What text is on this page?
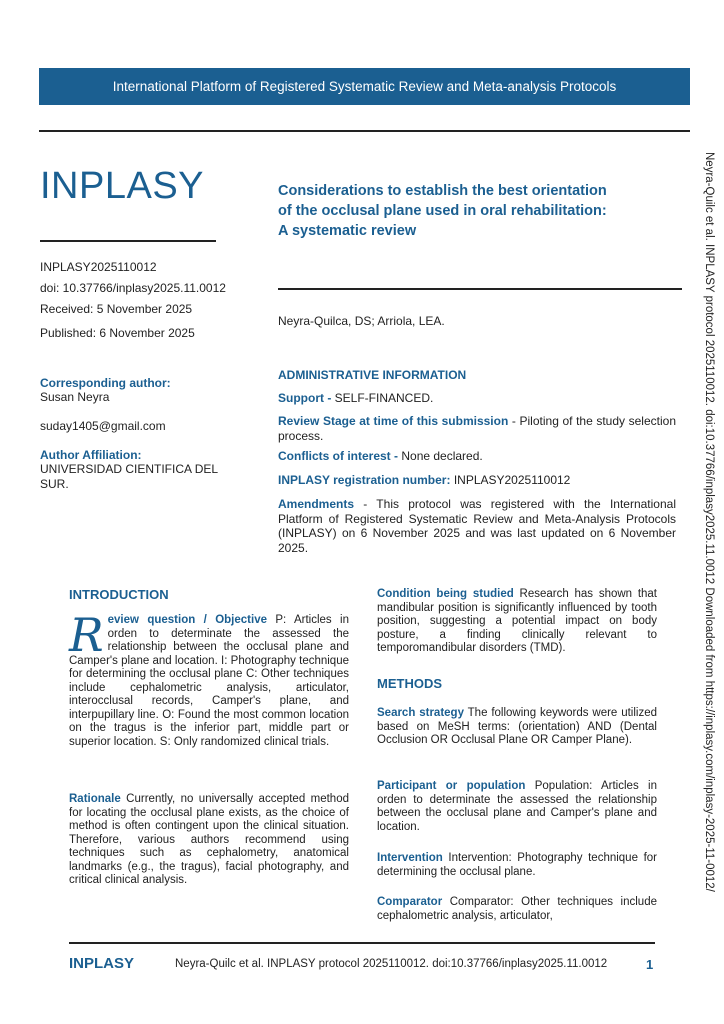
International Platform of Registered Systematic Review and Meta-analysis Protocols
INPLASY
INPLASY2025110012
doi: 10.37766/inplasy2025.11.0012
Received: 5 November 2025
Published: 6 November 2025
Considerations to establish the best orientation
of the occlusal plane used in oral rehabilitation:
A systematic review
Neyra-Quilca, DS; Arriola, LEA.
Corresponding author:
Susan Neyra
suday1405@gmail.com
Author Affiliation:
UNIVERSIDAD CIENTIFICA DEL
SUR.
ADMINISTRATIVE INFORMATION

Support - SELF-FINANCED.

Review Stage at time of this submission - Piloting of the study selection process.

Conflicts of interest - None declared.

INPLASY registration number: INPLASY2025110012

Amendments - This protocol was registered with the International Platform of Registered Systematic Review and Meta-Analysis Protocols (INPLASY) on 6 November 2025 and was last updated on 6 November 2025.

INTRODUCTION

Review question / Objective P: Articles in orden to determinate the assessed the relationship between the occlusal plane and Camper's plane and location. I: Photography technique for determining the occlusal plane C: Other techniques include cephalometric analysis, articulator, interocclusal records, Camper's plane, and interpupillary line. O: Found the most common location on the tragus is the inferior part, middle part or superior location. S: Only randomized clinical trials.

Rationale Currently, no universally accepted method for locating the occlusal plane exists, as the choice of method is often contingent upon the clinical situation. Therefore, various authors recommend using techniques such as cephalometry, anatomical landmarks (e.g., the tragus), facial photography, and critical clinical analysis.

Condition being studied Research has shown that mandibular position is significantly influenced by tooth position, suggesting a potential impact on body posture, a finding clinically relevant to temporomandibular disorders (TMD).

METHODS

Search strategy The following keywords were utilized based on MeSH terms: (orientation) AND (Dental Occlusion OR Occlusal Plane OR Camper Plane).

Participant or population Population: Articles in orden to determinate the assessed the relationship between the occlusal plane and Camper's plane and location.

Intervention Intervention: Photography technique for determining the occlusal plane.

Comparator Comparator: Other techniques include cephalometric analysis, articulator,

INPLASY	Neyra-Quilc et al. INPLASY protocol 2025110012. doi:10.37766/inplasy2025.11.0012	1
Neyra-Quilc et al. INPLASY protocol 2025110012. doi:10.37766/inplasy2025.11.0012 Downloaded from https://inplasy.com/inplasy-2025-11-0012/
